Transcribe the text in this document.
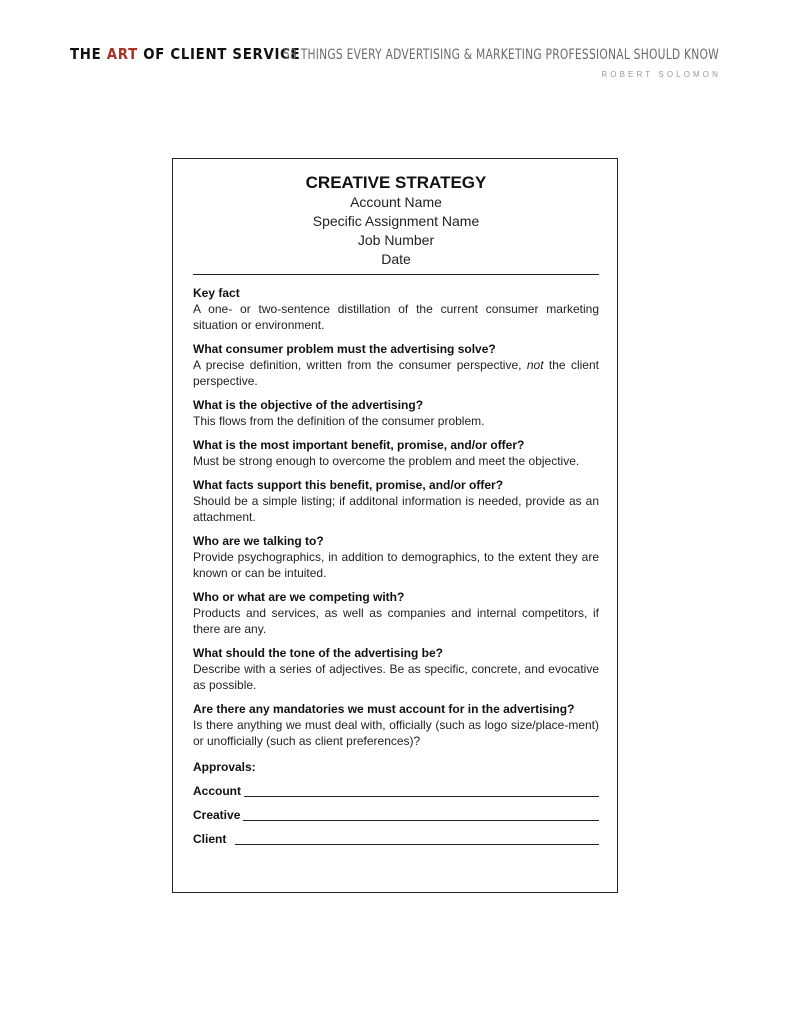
THE ART OF CLIENT SERVICE
58 THINGS EVERY ADVERTISING & MARKETING PROFESSIONAL SHOULD KNOW
ROBERT SOLOMON
CREATIVE STRATEGY
Account Name
Specific Assignment Name
Job Number
Date
Key fact
A one- or two-sentence distillation of the current consumer marketing situation or environment.
What consumer problem must the advertising solve?
A precise definition, written from the consumer perspective, not the client perspective.
What is the objective of the advertising?
This flows from the definition of the consumer problem.
What is the most important benefit, promise, and/or offer?
Must be strong enough to overcome the problem and meet the objective.
What facts support this benefit, promise, and/or offer?
Should be a simple listing; if additonal information is needed, provide as an attachment.
Who are we talking to?
Provide psychographics, in addition to demographics, to the extent they are known or can be intuited.
Who or what are we competing with?
Products and services, as well as companies and internal competitors, if there are any.
What should the tone of the advertising be?
Describe with a series of adjectives. Be as specific, concrete, and evocative as possible.
Are there any mandatories we must account for in the advertising?
Is there anything we must deal with, officially (such as logo size/place-ment) or unofficially (such as client preferences)?
Approvals:
Account
Creative
Client
